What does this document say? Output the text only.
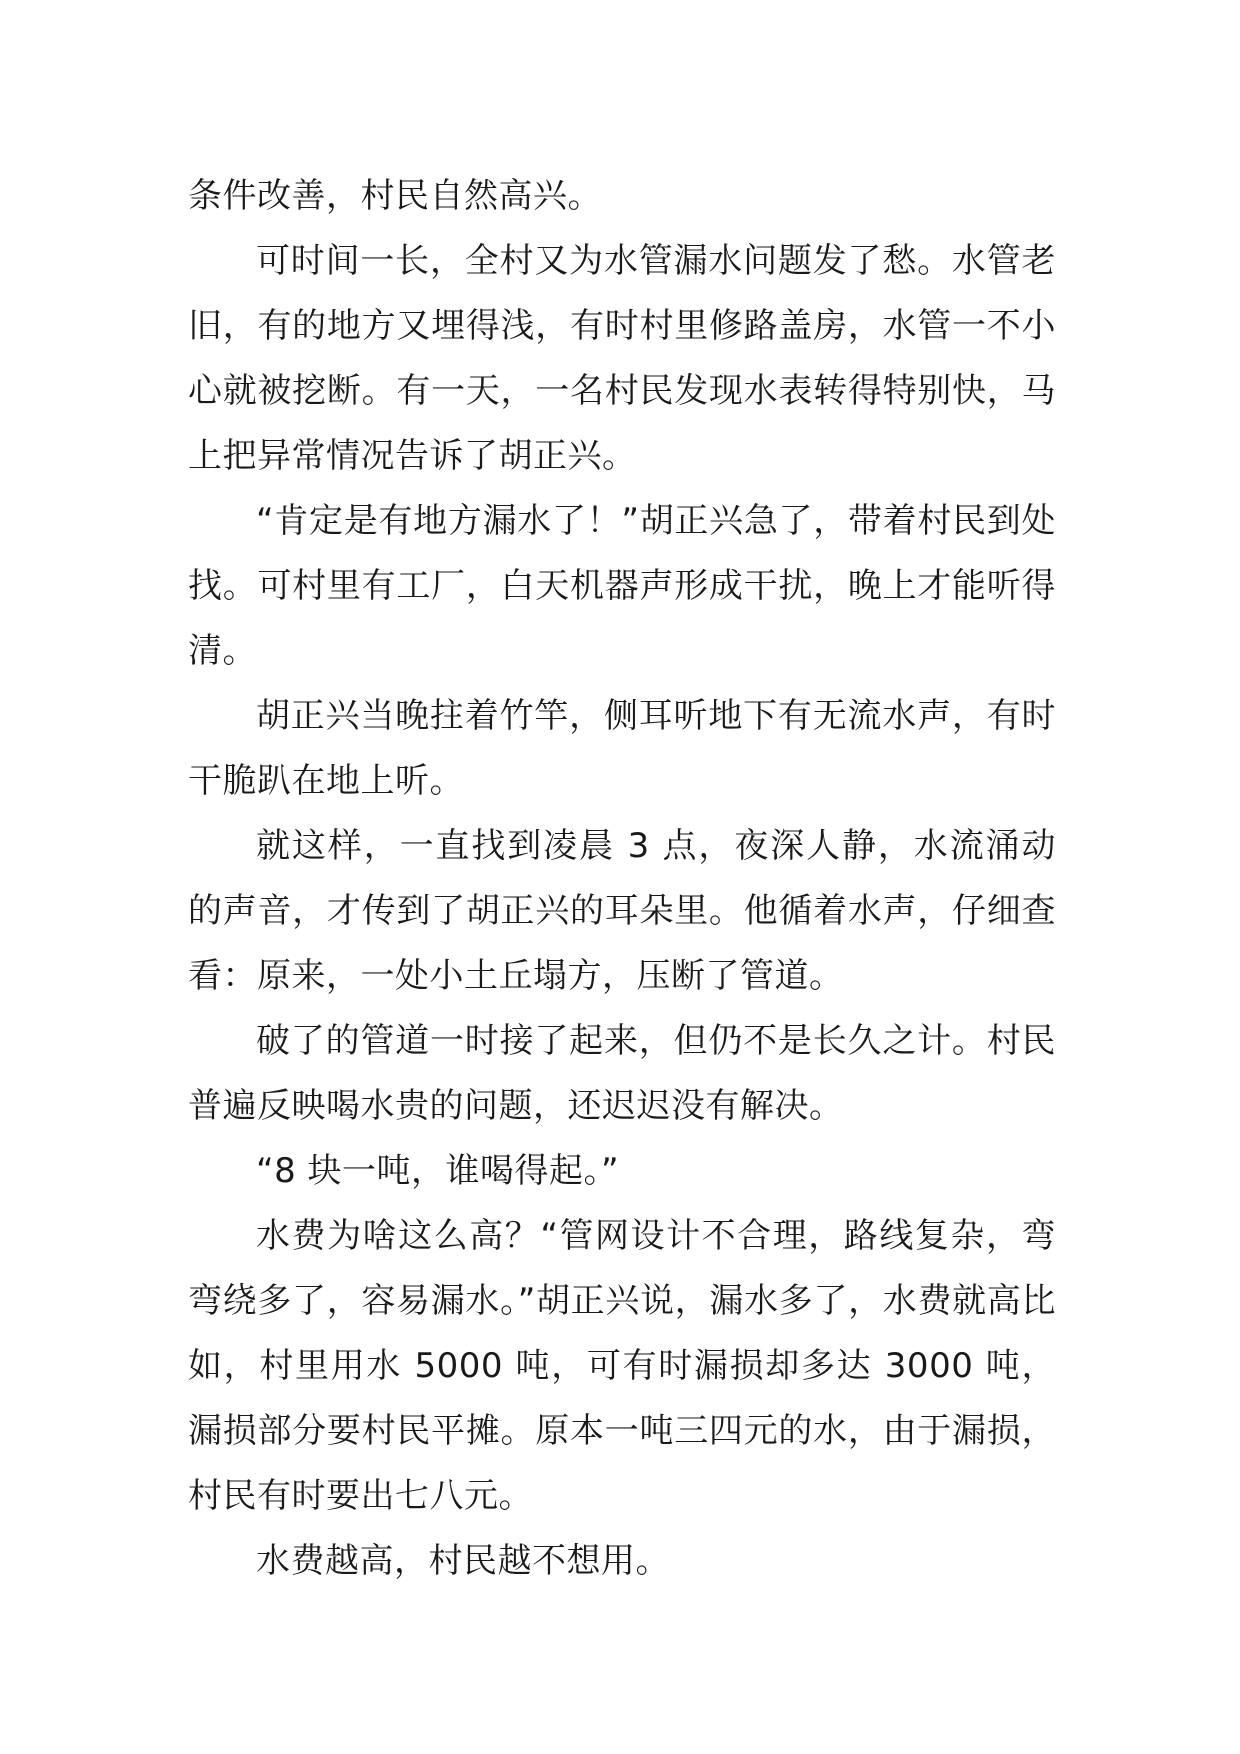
条件改善，村民自然高兴。

可时间一长，全村又为水管漏水问题发了愁。水管老旧，有的地方又埋得浅，有时村里修路盖房，水管一不小心就被挖断。有一天，一名村民发现水表转得特别快，马上把异常情况告诉了胡正兴。

“肯定是有地方漏水了！”胡正兴急了，带着村民到处找。可村里有工厂，白天机器声形成干扰，晚上才能听得清。

胡正兴当晚拄着竹竿，侧耳听地下有无流水声，有时干脆趴在地上听。

就这样，一直找到凌晨 3 点，夜深人静，水流涌动的声音，才传到了胡正兴的耳朵里。他循着水声，仔细查看：原来，一处小土丘塌方，压断了管道。

破了的管道一时接了起来，但仍不是长久之计。村民普遍反映喝水贵的问题，还迟迟没有解决。

“8 块一吨，谁喝得起。”

水费为啥这么高？“管网设计不合理，路线复杂，弯弯绕多了，容易漏水。”胡正兴说，漏水多了，水费就高比如，村里用水 5000 吨，可有时漏损却多达 3000 吨，漏损部分要村民平摊。原本一吨三四元的水，由于漏损，村民有时要出七八元。

水费越高，村民越不想用。
